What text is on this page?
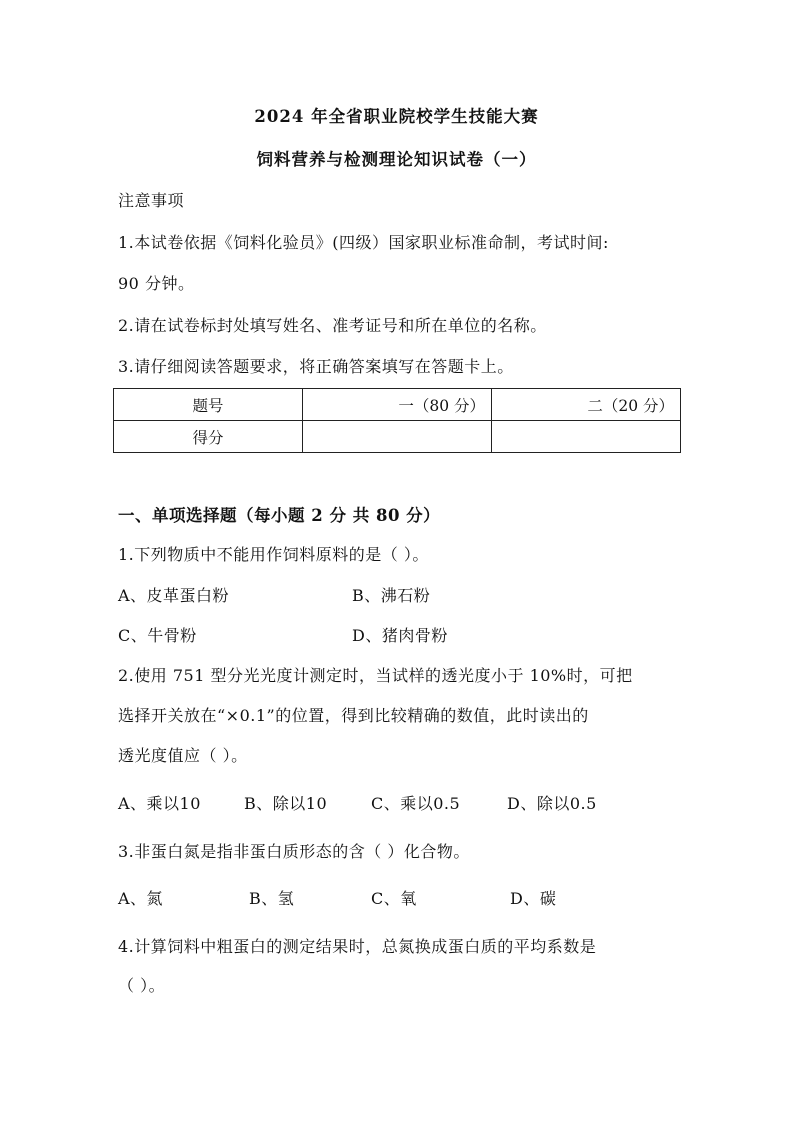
2024 年全省职业院校学生技能大赛
饲料营养与检测理论知识试卷（一）
注意事项
1.本试卷依据《饲料化验员》(四级）国家职业标准命制，考试时间:
90 分钟。
2.请在试卷标封处填写姓名、准考证号和所在单位的名称。
3.请仔细阅读答题要求，将正确答案填写在答题卡上。
题号	一（80 分）	二（20 分）
得分		
一、单项选择题（每小题 2 分 共 80 分）
1.下列物质中不能用作饲料原料的是（ ）。
A、皮革蛋白粉	B、沸石粉
C、牛骨粉	D、猪肉骨粉
2.使用 751 型分光光度计测定时，当试样的透光度小于 10%时，可把
选择开关放在“×0.1”的位置，得到比较精确的数值，此时读出的
透光度值应（ ）。
A、乘以10	B、除以10	C、乘以0.5	D、除以0.5
3.非蛋白氮是指非蛋白质形态的含（ ）化合物。
A、氮	B、氢	C、氧	D、碳
4.计算饲料中粗蛋白的测定结果时，总氮换成蛋白质的平均系数是
（ ）。
